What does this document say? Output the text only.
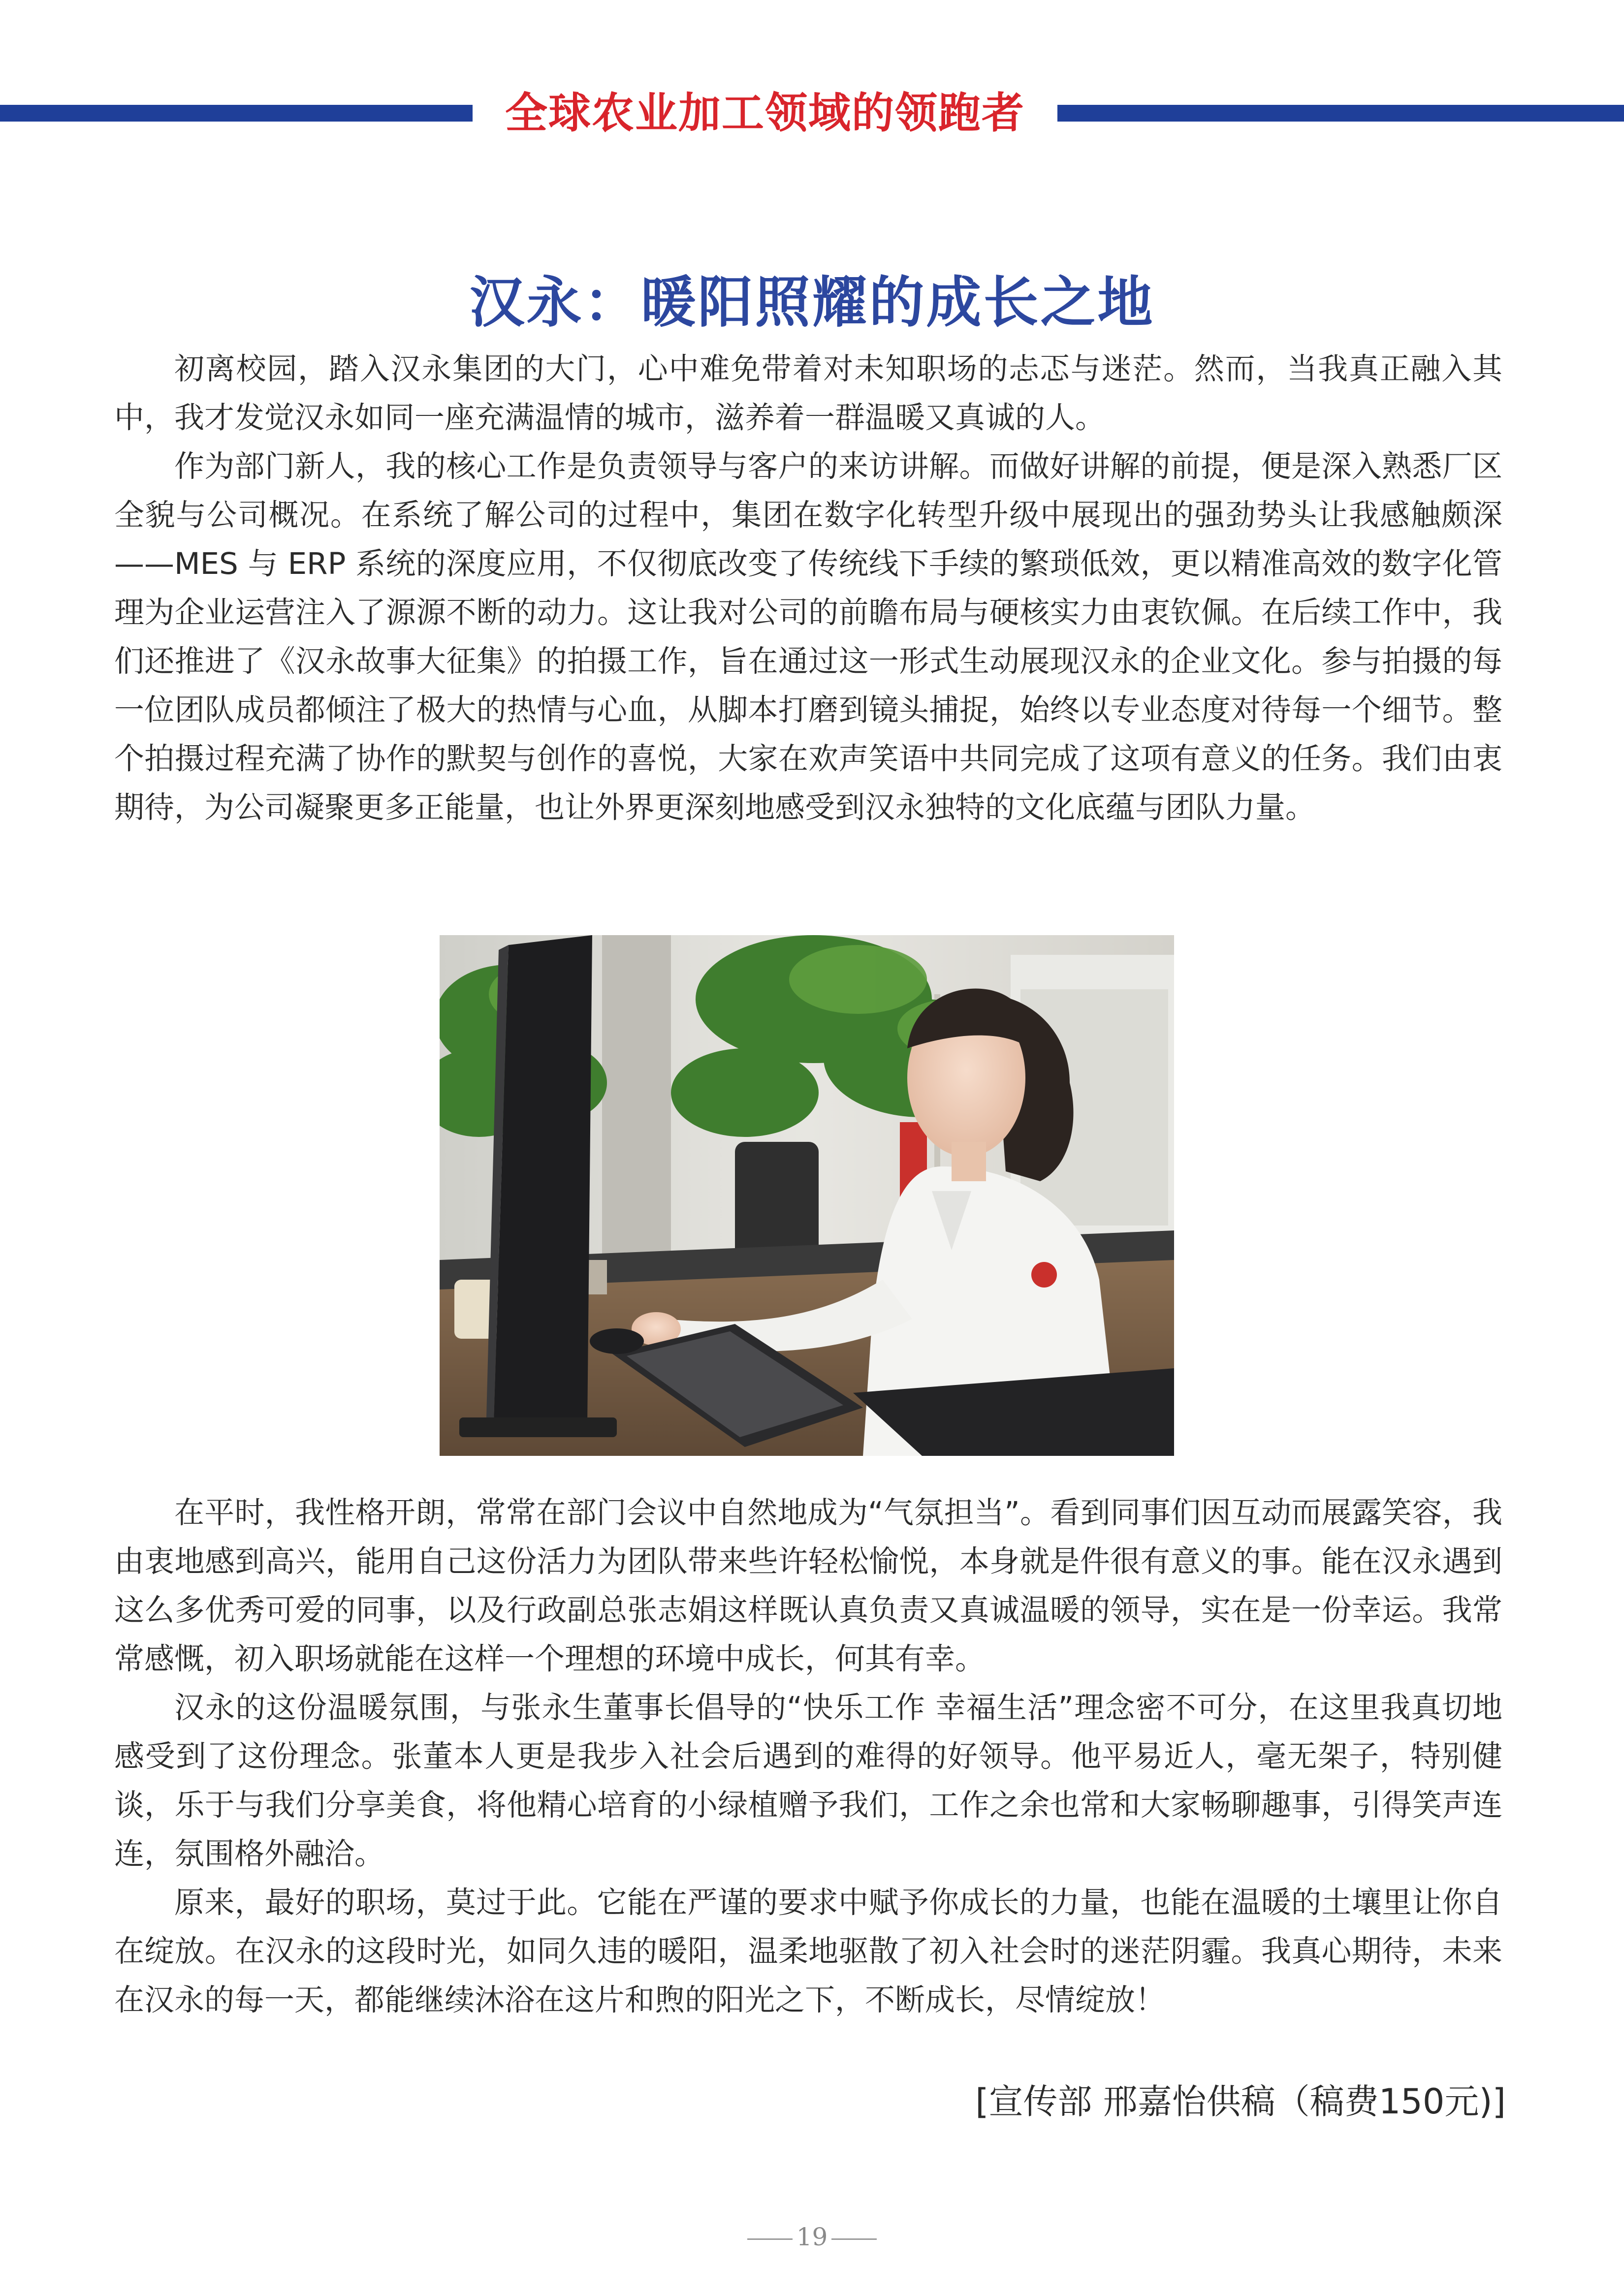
全球农业加工领域的领跑者
汉永：暖阳照耀的成长之地

初离校园，踏入汉永集团的大门，心中难免带着对未知职场的忐忑与迷茫。然而，当我真正融入其中，我才发觉汉永如同一座充满温情的城市，滋养着一群温暖又真诚的人。

作为部门新人，我的核心工作是负责领导与客户的来访讲解。而做好讲解的前提，便是深入熟悉厂区全貌与公司概况。在系统了解公司的过程中，集团在数字化转型升级中展现出的强劲势头让我感触颇深 ——MES 与 ERP 系统的深度应用，不仅彻底改变了传统线下手续的繁琐低效，更以精准高效的数字化管理为企业运营注入了源源不断的动力。这让我对公司的前瞻布局与硬核实力由衷钦佩。在后续工作中，我们还推进了《汉永故事大征集》的拍摄工作，旨在通过这一形式生动展现汉永的企业文化。参与拍摄的每一位团队成员都倾注了极大的热情与心血，从脚本打磨到镜头捕捉，始终以专业态度对待每一个细节。整个拍摄过程充满了协作的默契与创作的喜悦，大家在欢声笑语中共同完成了这项有意义的任务。我们由衷期待，为公司凝聚更多正能量，也让外界更深刻地感受到汉永独特的文化底蕴与团队力量。

在平时，我性格开朗，常常在部门会议中自然地成为“气氛担当”。看到同事们因互动而展露笑容，我由衷地感到高兴，能用自己这份活力为团队带来些许轻松愉悦，本身就是件很有意义的事。能在汉永遇到这么多优秀可爱的同事，以及行政副总张志娟这样既认真负责又真诚温暖的领导，实在是一份幸运。我常常感慨，初入职场就能在这样一个理想的环境中成长，何其有幸。

汉永的这份温暖氛围，与张永生董事长倡导的“快乐工作 幸福生活”理念密不可分，在这里我真切地感受到了这份理念。张董本人更是我步入社会后遇到的难得的好领导。他平易近人，毫无架子，特别健谈，乐于与我们分享美食，将他精心培育的小绿植赠予我们，工作之余也常和大家畅聊趣事，引得笑声连连，氛围格外融洽。

原来，最好的职场，莫过于此。它能在严谨的要求中赋予你成长的力量，也能在温暖的土壤里让你自在绽放。在汉永的这段时光，如同久违的暖阳，温柔地驱散了初入社会时的迷茫阴霾。我真心期待，未来在汉永的每一天，都能继续沐浴在这片和煦的阳光之下，不断成长，尽情绽放！

[宣传部 邢嘉怡供稿（稿费150元)]
19
